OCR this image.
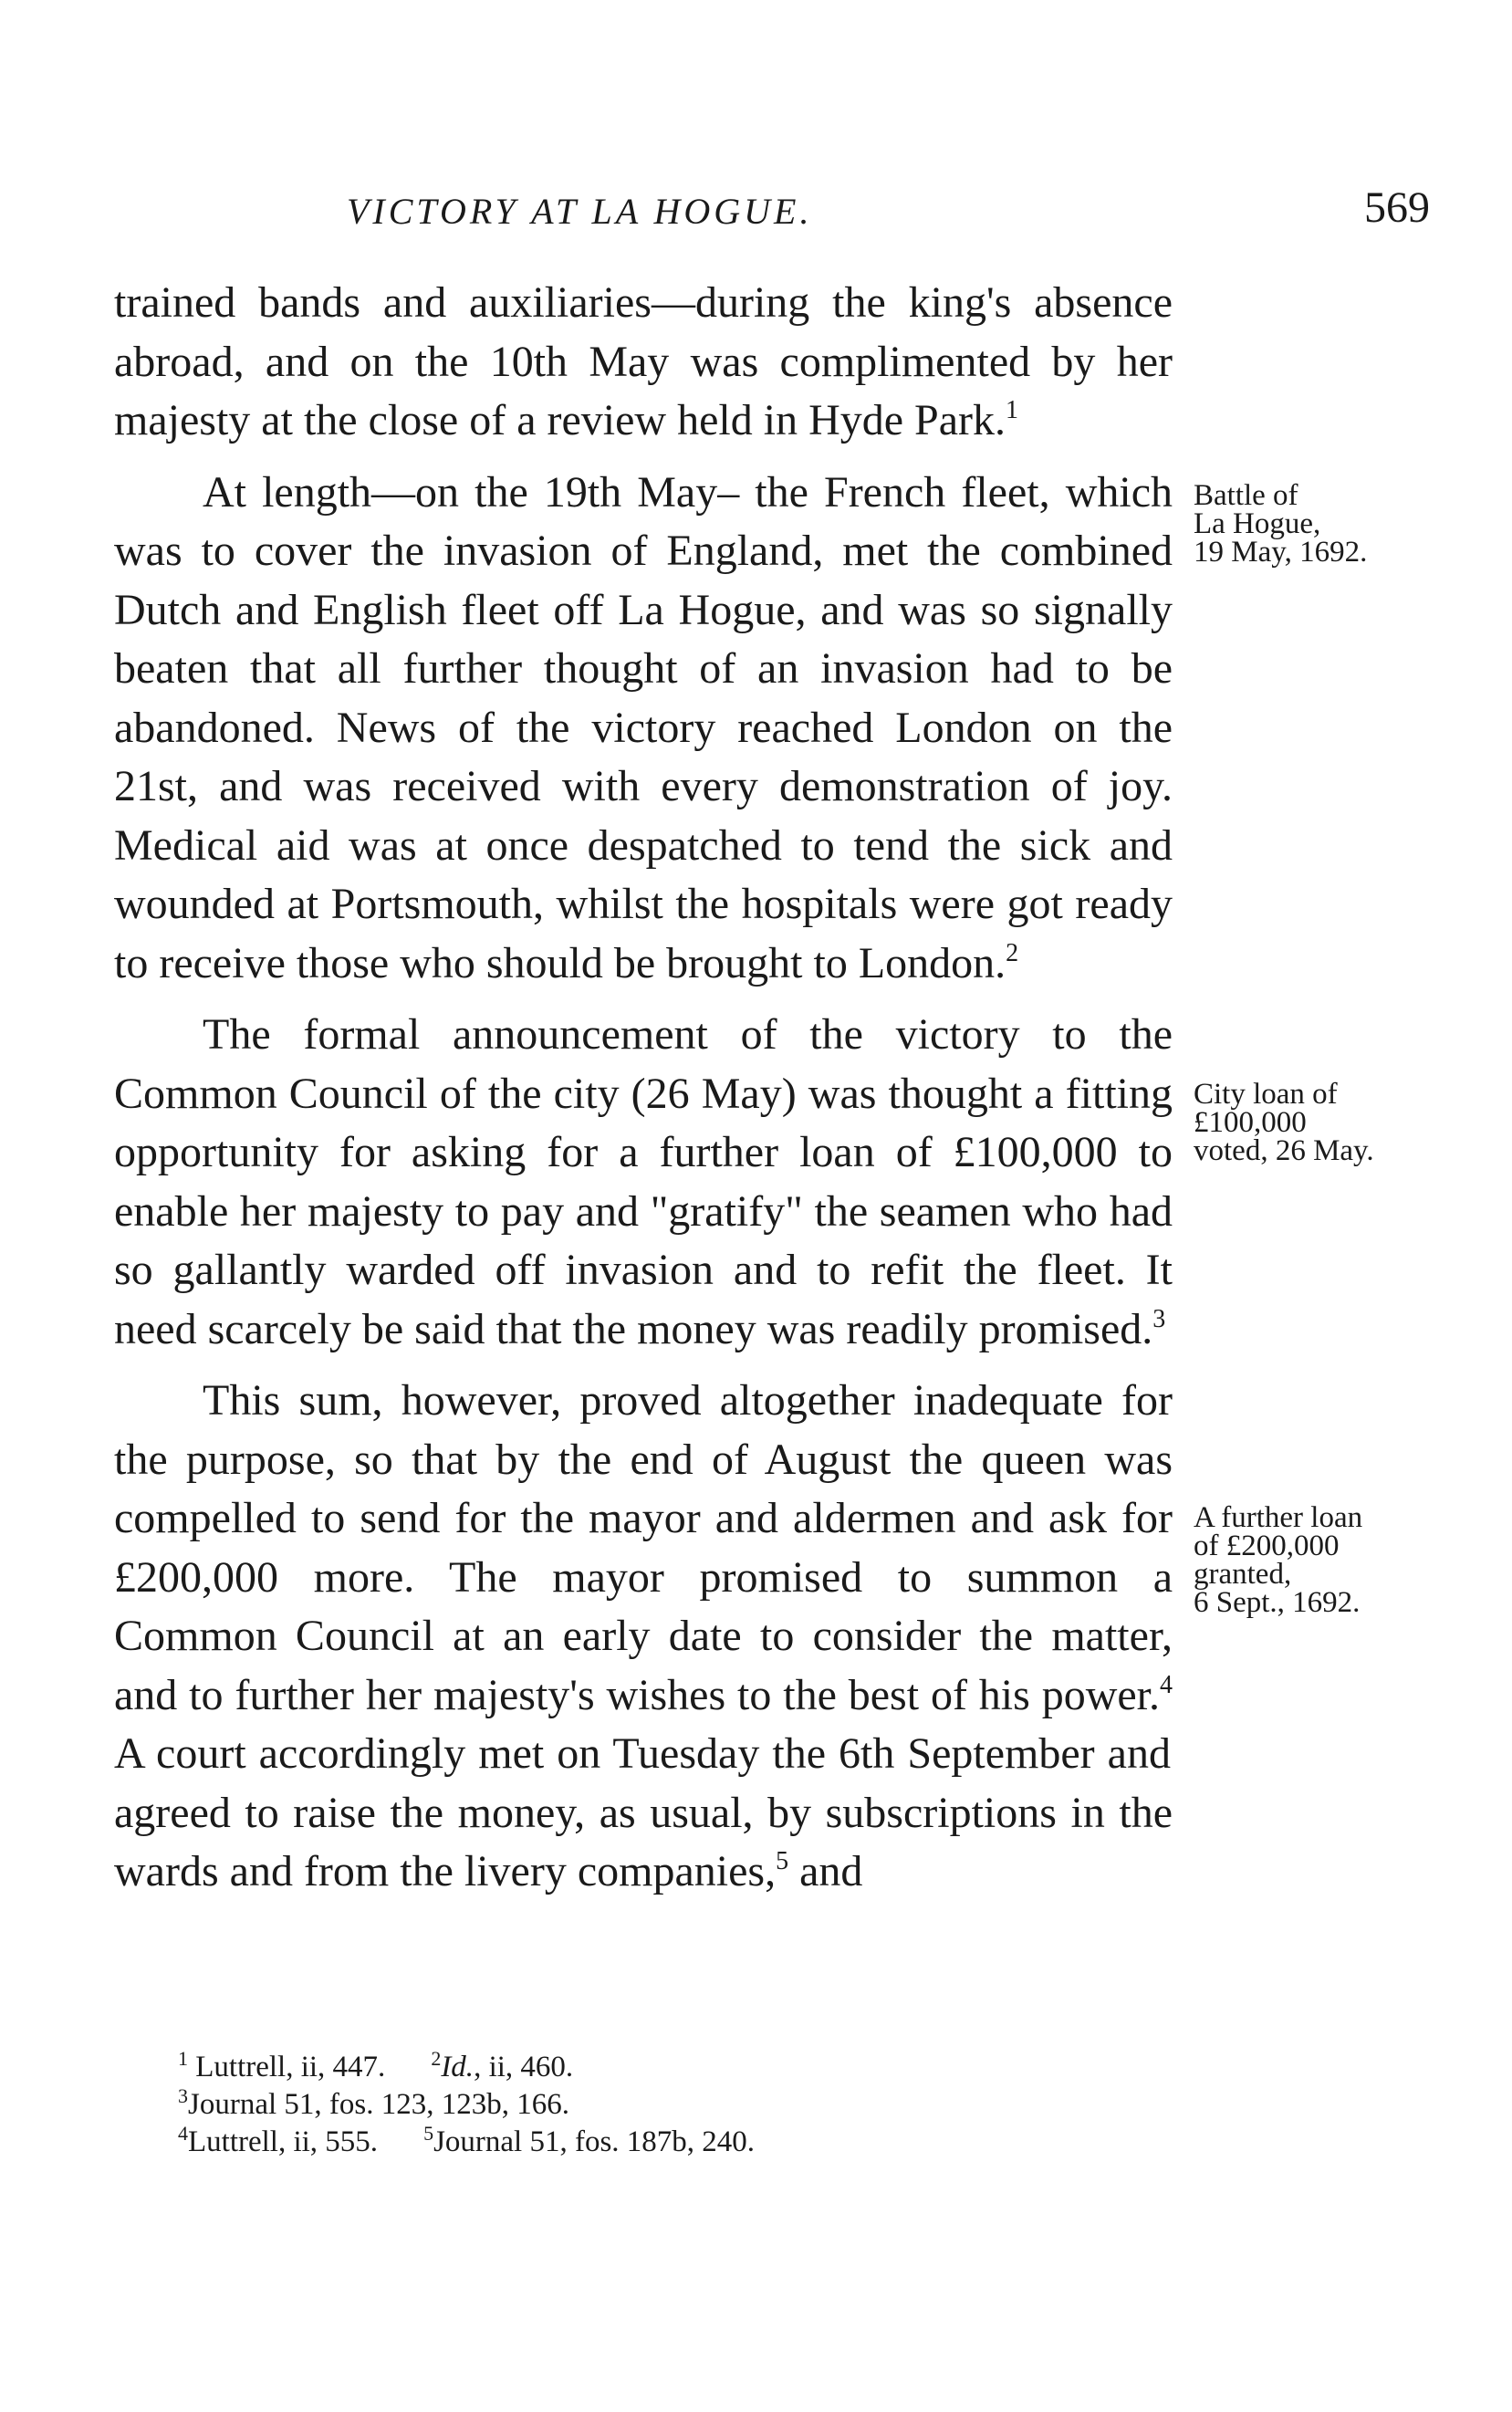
VICTORY AT LA HOGUE.	569

trained bands and auxiliaries—during the king's absence abroad, and on the 10th May was complimented by her majesty at the close of a review held in Hyde Park.$^1$

At length—on the 19th May– the French fleet, which was to cover the invasion of England, met the combined Dutch and English fleet off La Hogue, and was so signally beaten that all further thought of an invasion had to be abandoned. News of the victory reached London on the 21st, and was received with every demonstration of joy. Medical aid was at once despatched to tend the sick and wounded at Portsmouth, whilst the hospitals were got ready to receive those who should be brought to London.$^2$

The formal announcement of the victory to the Common Council of the city (26 May) was thought a fitting opportunity for asking for a further loan of £100,000 to enable her majesty to pay and "gratify" the seamen who had so gallantly warded off invasion and to refit the fleet. It need scarcely be said that the money was readily promised.$^3$

This sum, however, proved altogether inadequate for the purpose, so that by the end of August the queen was compelled to send for the mayor and aldermen and ask for £200,000 more. The mayor promised to summon a Common Council at an early date to consider the matter, and to further her majesty's wishes to the best of his power.$^4$ A court accordingly met on Tuesday the 6th September and agreed to raise the money, as usual, by subscriptions in the wards and from the livery companies,$^5$ and

Battle of
La Hogue,
19 May, 1692.
City loan of
£100,000
voted, 26 May.
A further loan
of £200,000
granted,
6 Sept., 1692.
1 Luttrell, ii, 447. 2Id., ii, 460.
3Journal 51, fos. 123, 123b, 166.
4Luttrell, ii, 555. 5Journal 51, fos. 187b, 240.
